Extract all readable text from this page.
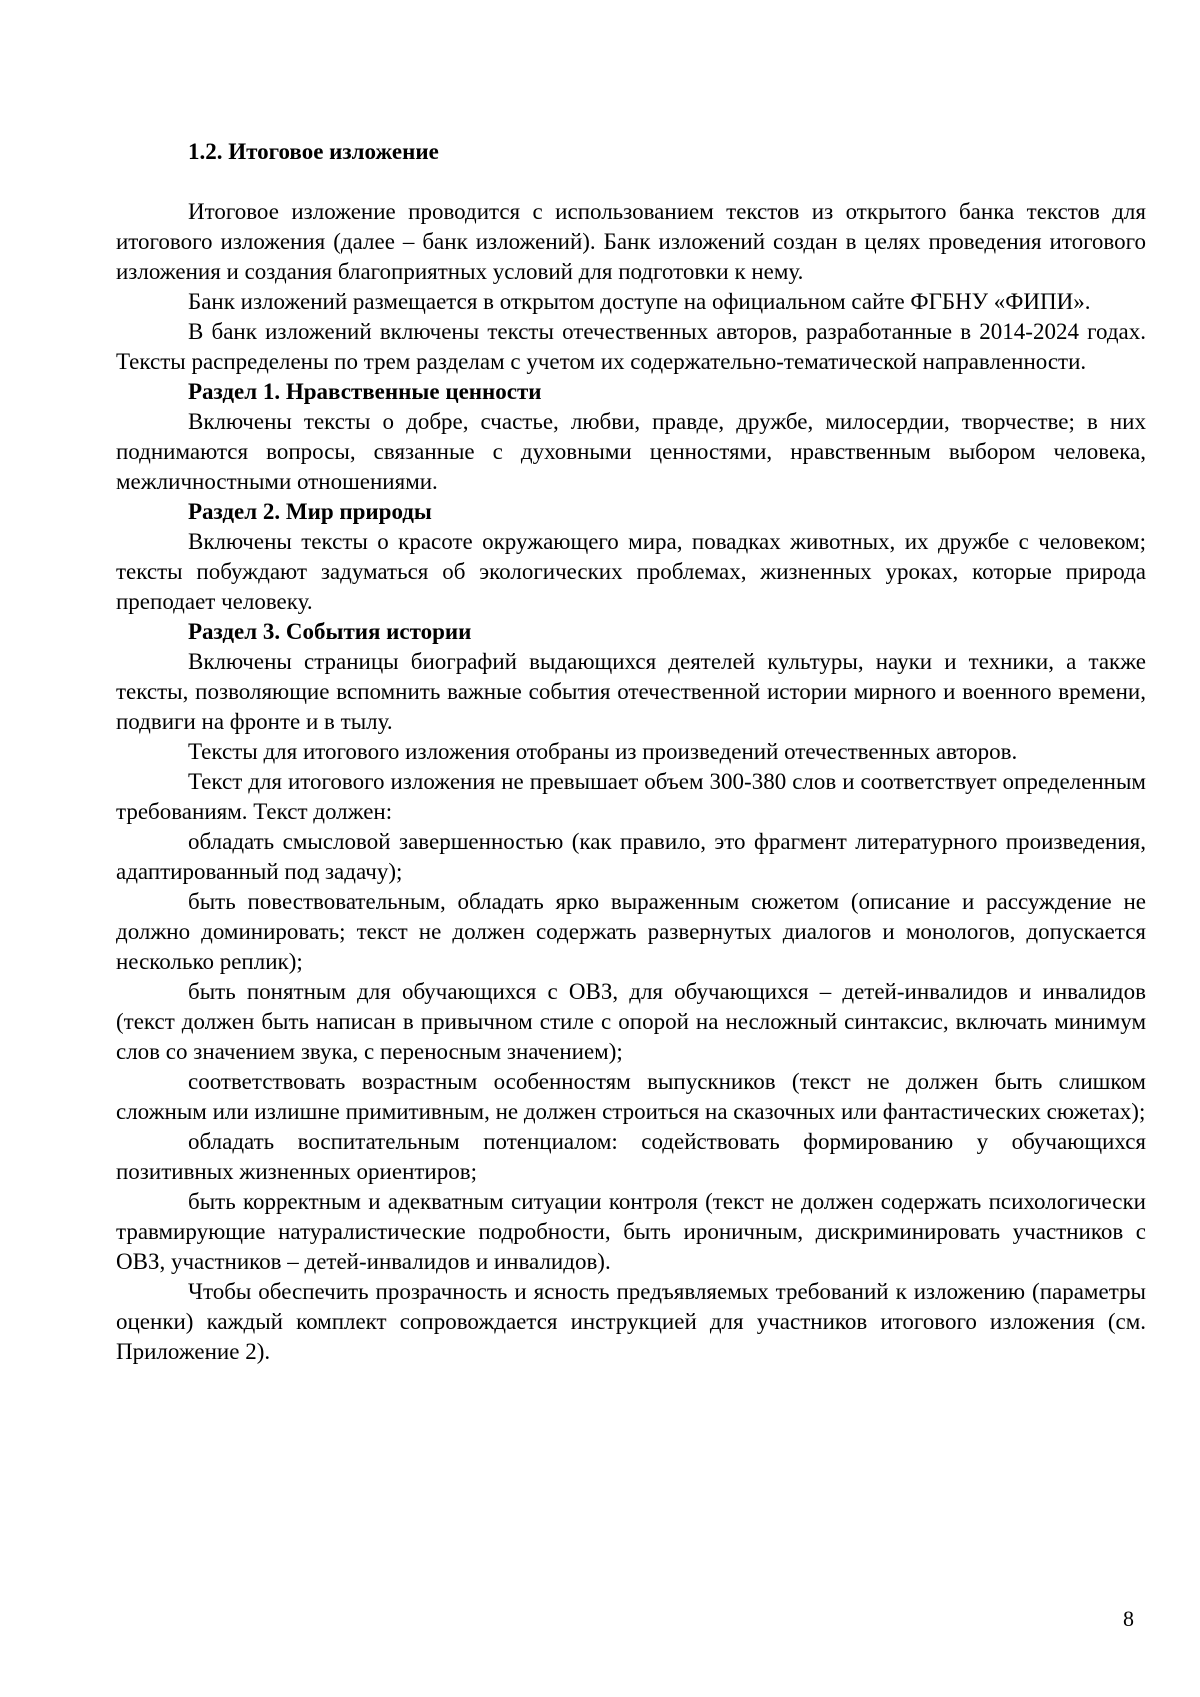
1.2. Итоговое изложение

Итоговое изложение проводится с использованием текстов из открытого банка текстов для итогового изложения (далее – банк изложений). Банк изложений создан в целях проведения итогового изложения и создания благоприятных условий для подготовки к нему.

Банк изложений размещается в открытом доступе на официальном сайте ФГБНУ «ФИПИ».

В банк изложений включены тексты отечественных авторов, разработанные в 2014-2024 годах. Тексты распределены по трем разделам с учетом их содержательно-тематической направленности.

Раздел 1. Нравственные ценности

Включены тексты о добре, счастье, любви, правде, дружбе, милосердии, творчестве; в них поднимаются вопросы, связанные с духовными ценностями, нравственным выбором человека, межличностными отношениями.

Раздел 2. Мир природы

Включены тексты о красоте окружающего мира, повадках животных, их дружбе с человеком; тексты побуждают задуматься об экологических проблемах, жизненных уроках, которые природа преподает человеку.

Раздел 3. События истории

Включены страницы биографий выдающихся деятелей культуры, науки и техники, а также тексты, позволяющие вспомнить важные события отечественной истории мирного и военного времени, подвиги на фронте и в тылу.

Тексты для итогового изложения отобраны из произведений отечественных авторов.

Текст для итогового изложения не превышает объем 300-380 слов и соответствует определенным требованиям. Текст должен:

обладать смысловой завершенностью (как правило, это фрагмент литературного произведения, адаптированный под задачу);

быть повествовательным, обладать ярко выраженным сюжетом (описание и рассуждение не должно доминировать; текст не должен содержать развернутых диалогов и монологов, допускается несколько реплик);

быть понятным для обучающихся с ОВЗ, для обучающихся – детей-инвалидов и инвалидов (текст должен быть написан в привычном стиле с опорой на несложный синтаксис, включать минимум слов со значением звука, с переносным значением);

соответствовать возрастным особенностям выпускников (текст не должен быть слишком сложным или излишне примитивным, не должен строиться на сказочных или фантастических сюжетах);

обладать воспитательным потенциалом: содействовать формированию у обучающихся позитивных жизненных ориентиров;

быть корректным и адекватным ситуации контроля (текст не должен содержать психологически травмирующие натуралистические подробности, быть ироничным, дискриминировать участников с ОВЗ, участников – детей-инвалидов и инвалидов).

Чтобы обеспечить прозрачность и ясность предъявляемых требований к изложению (параметры оценки) каждый комплект сопровождается инструкцией для участников итогового изложения (см. Приложение 2).

8
